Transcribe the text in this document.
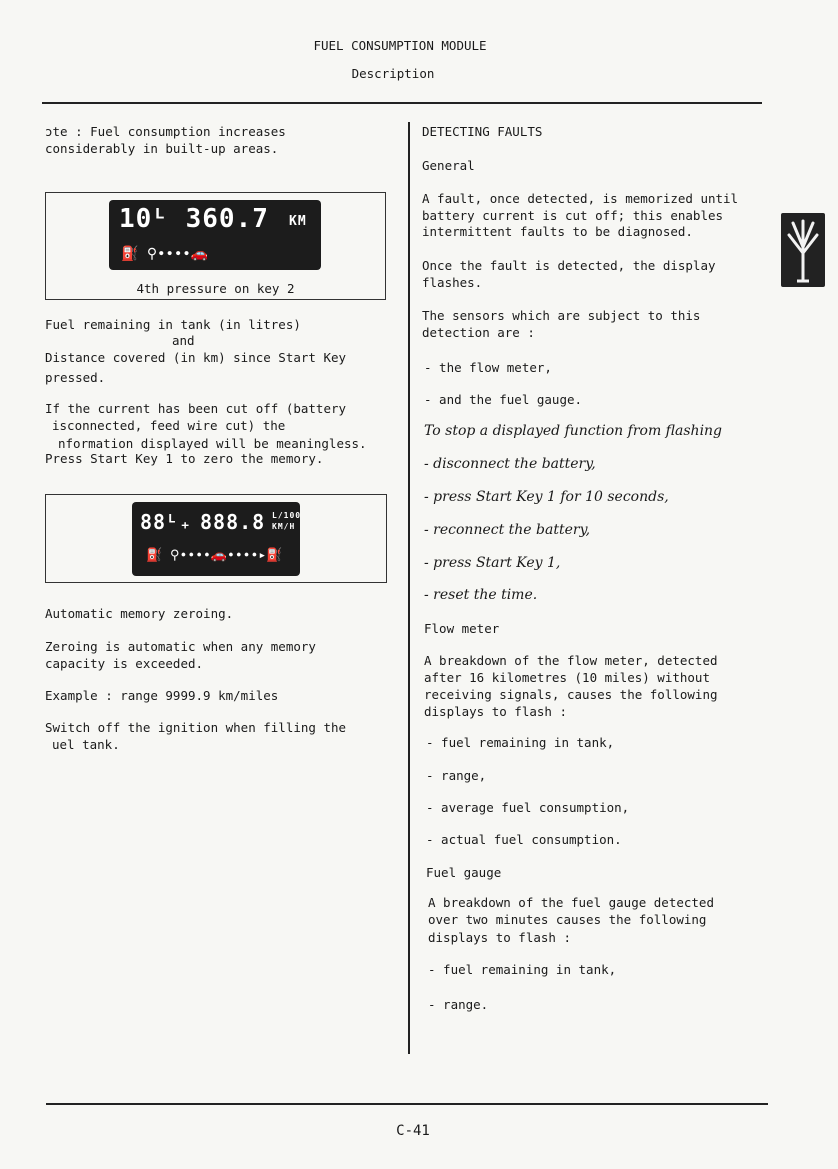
FUEL CONSUMPTION MODULE
Description
ɔte : Fuel consumption increases
considerably in built-up areas.
10ᴸ 360.7 KM
⛽ ⚲∙∙∙∙🚗
4th pressure on key 2
Fuel remaining in tank (in litres)
and
Distance covered (in km) since Start Key
pressed.
If the current has been cut off (battery
isconnected, feed wire cut) the
nformation displayed will be meaningless.
Press Start Key 1 to zero the memory.
88ᴸ₊ 888.8 L/100
KM/H
⛽ ⚲∙∙∙∙🚗∙∙∙∙▸⛽
Automatic memory zeroing.
Zeroing is automatic when any memory
capacity is exceeded.
Example : range 9999.9 km/miles
Switch off the ignition when filling the
uel tank.
DETECTING FAULTS
General
A fault, once detected, is memorized until
battery current is cut off; this enables
intermittent faults to be diagnosed.
Once the fault is detected, the display
flashes.
The sensors which are subject to this
detection are :
- the flow meter,
- and the fuel gauge.
To stop a displayed function from flashing
- disconnect the battery,
- press Start Key 1 for 10 seconds,
- reconnect the battery,
- press Start Key 1,
- reset the time.
Flow meter
A breakdown of the flow meter, detected
after 16 kilometres (10 miles) without
receiving signals, causes the following
displays to flash :
- fuel remaining in tank,
- range,
- average fuel consumption,
- actual fuel consumption.
Fuel gauge
A breakdown of the fuel gauge detected
over two minutes causes the following
displays to flash :
- fuel remaining in tank,
- range.
C-41
